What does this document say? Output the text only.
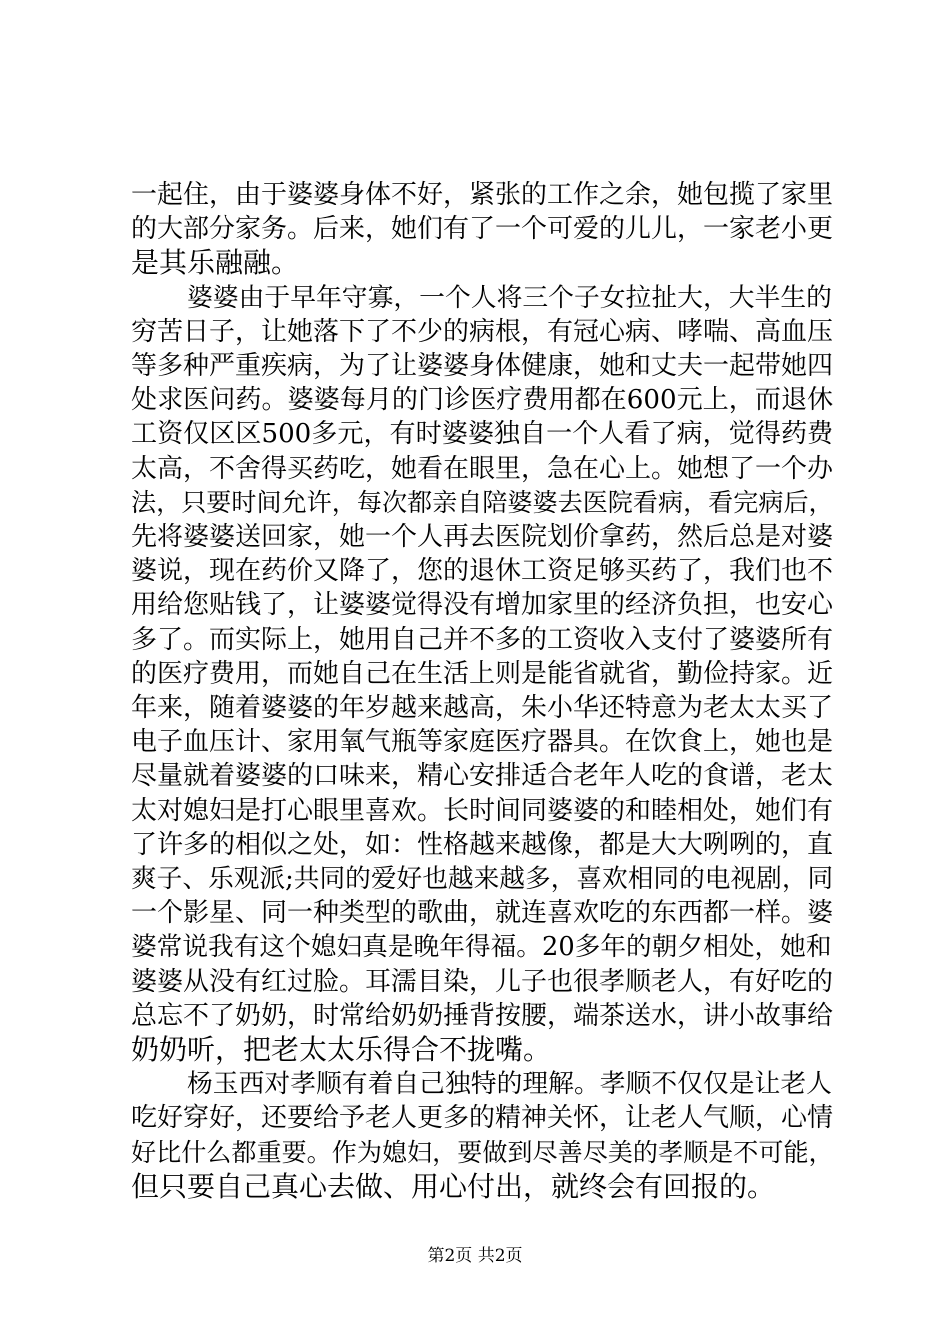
一起住，由于婆婆身体不好，紧张的工作之余，她包揽了家里
的大部分家务。后来，她们有了一个可爱的儿儿，一家老小更
是其乐融融。
婆婆由于早年守寡，一个人将三个子女拉扯大，大半生的
穷苦日子，让她落下了不少的病根，有冠心病、哮喘、高血压
等多种严重疾病，为了让婆婆身体健康，她和丈夫一起带她四
处求医问药。婆婆每月的门诊医疗费用都在600元上，而退休
工资仅区区500多元，有时婆婆独自一个人看了病，觉得药费
太高，不舍得买药吃，她看在眼里，急在心上。她想了一个办
法，只要时间允许，每次都亲自陪婆婆去医院看病，看完病后，
先将婆婆送回家，她一个人再去医院划价拿药，然后总是对婆
婆说，现在药价又降了，您的退休工资足够买药了，我们也不
用给您贴钱了，让婆婆觉得没有增加家里的经济负担，也安心
多了。而实际上，她用自己并不多的工资收入支付了婆婆所有
的医疗费用，而她自己在生活上则是能省就省，勤俭持家。近
年来，随着婆婆的年岁越来越高，朱小华还特意为老太太买了
电子血压计、家用氧气瓶等家庭医疗器具。在饮食上，她也是
尽量就着婆婆的口味来，精心安排适合老年人吃的食谱，老太
太对媳妇是打心眼里喜欢。长时间同婆婆的和睦相处，她们有
了许多的相似之处，如：性格越来越像，都是大大咧咧的，直
爽子、乐观派;共同的爱好也越来越多，喜欢相同的电视剧，同
一个影星、同一种类型的歌曲，就连喜欢吃的东西都一样。婆
婆常说我有这个媳妇真是晚年得福。20多年的朝夕相处，她和
婆婆从没有红过脸。耳濡目染，儿子也很孝顺老人，有好吃的
总忘不了奶奶，时常给奶奶捶背按腰，端茶送水，讲小故事给
奶奶听，把老太太乐得合不拢嘴。
杨玉西对孝顺有着自己独特的理解。孝顺不仅仅是让老人
吃好穿好，还要给予老人更多的精神关怀，让老人气顺，心情
好比什么都重要。作为媳妇，要做到尽善尽美的孝顺是不可能，
但只要自己真心去做、用心付出，就终会有回报的。
第2页 共2页
